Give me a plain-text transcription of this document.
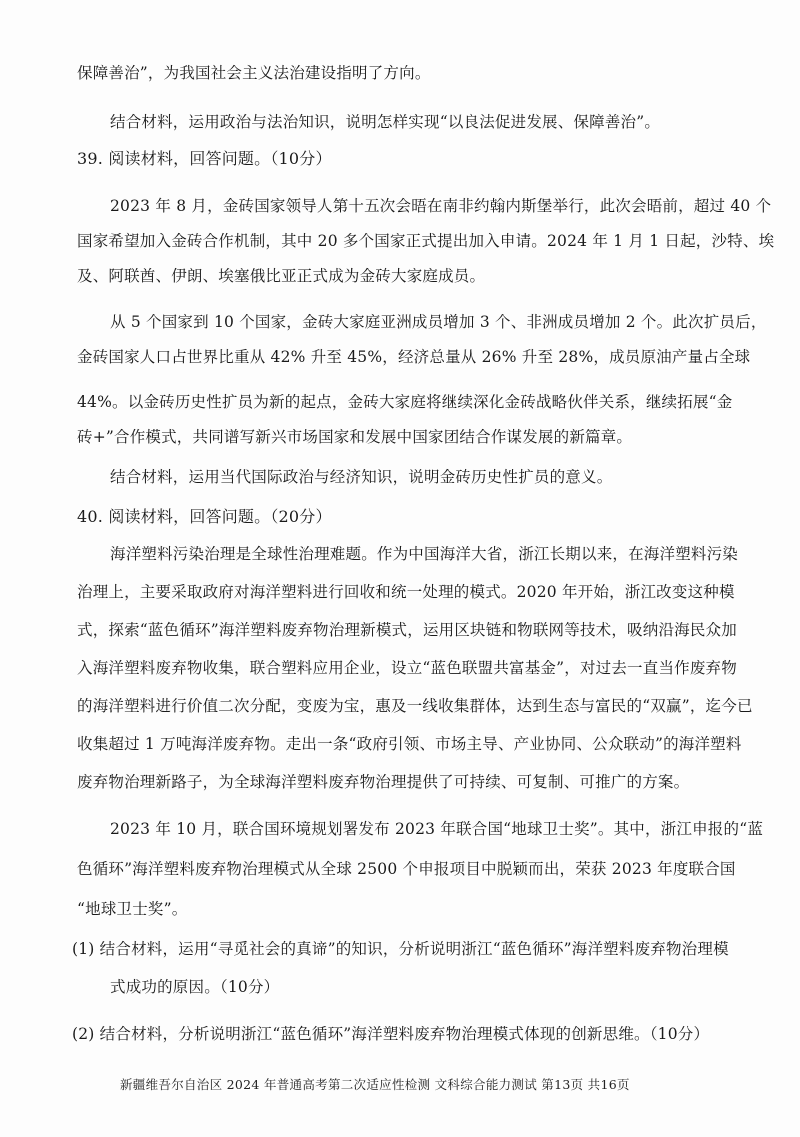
保障善治”，为我国社会主义法治建设指明了方向。
结合材料，运用政治与法治知识，说明怎样实现“以良法促进发展、保障善治”。
39. 阅读材料，回答问题。（10分）
2023 年 8 月，金砖国家领导人第十五次会晤在南非约翰内斯堡举行，此次会晤前，超过 40 个
国家希望加入金砖合作机制，其中 20 多个国家正式提出加入申请。2024 年 1 月 1 日起，沙特、埃
及、阿联酋、伊朗、埃塞俄比亚正式成为金砖大家庭成员。
从 5 个国家到 10 个国家，金砖大家庭亚洲成员增加 3 个、非洲成员增加 2 个。此次扩员后，
金砖国家人口占世界比重从 42% 升至 45%，经济总量从 26% 升至 28%，成员原油产量占全球
44%。以金砖历史性扩员为新的起点，金砖大家庭将继续深化金砖战略伙伴关系，继续拓展“金
砖+”合作模式，共同谱写新兴市场国家和发展中国家团结合作谋发展的新篇章。
结合材料，运用当代国际政治与经济知识，说明金砖历史性扩员的意义。
40. 阅读材料，回答问题。（20分）
海洋塑料污染治理是全球性治理难题。作为中国海洋大省，浙江长期以来，在海洋塑料污染
治理上，主要采取政府对海洋塑料进行回收和统一处理的模式。2020 年开始，浙江改变这种模
式，探索“蓝色循环”海洋塑料废弃物治理新模式，运用区块链和物联网等技术，吸纳沿海民众加
入海洋塑料废弃物收集，联合塑料应用企业，设立“蓝色联盟共富基金”，对过去一直当作废弃物
的海洋塑料进行价值二次分配，变废为宝，惠及一线收集群体，达到生态与富民的“双赢”，迄今已
收集超过 1 万吨海洋废弃物。走出一条“政府引领、市场主导、产业协同、公众联动”的海洋塑料
废弃物治理新路子，为全球海洋塑料废弃物治理提供了可持续、可复制、可推广的方案。
2023 年 10 月，联合国环境规划署发布 2023 年联合国“地球卫士奖”。其中，浙江申报的“蓝
色循环”海洋塑料废弃物治理模式从全球 2500 个申报项目中脱颖而出，荣获 2023 年度联合国
“地球卫士奖”。
(1) 结合材料，运用“寻觅社会的真谛”的知识，分析说明浙江“蓝色循环”海洋塑料废弃物治理模
式成功的原因。（10分）
(2) 结合材料，分析说明浙江“蓝色循环”海洋塑料废弃物治理模式体现的创新思维。（10分）
新疆维吾尔自治区 2024 年普通高考第二次适应性检测 文科综合能力测试 第13页 共16页
